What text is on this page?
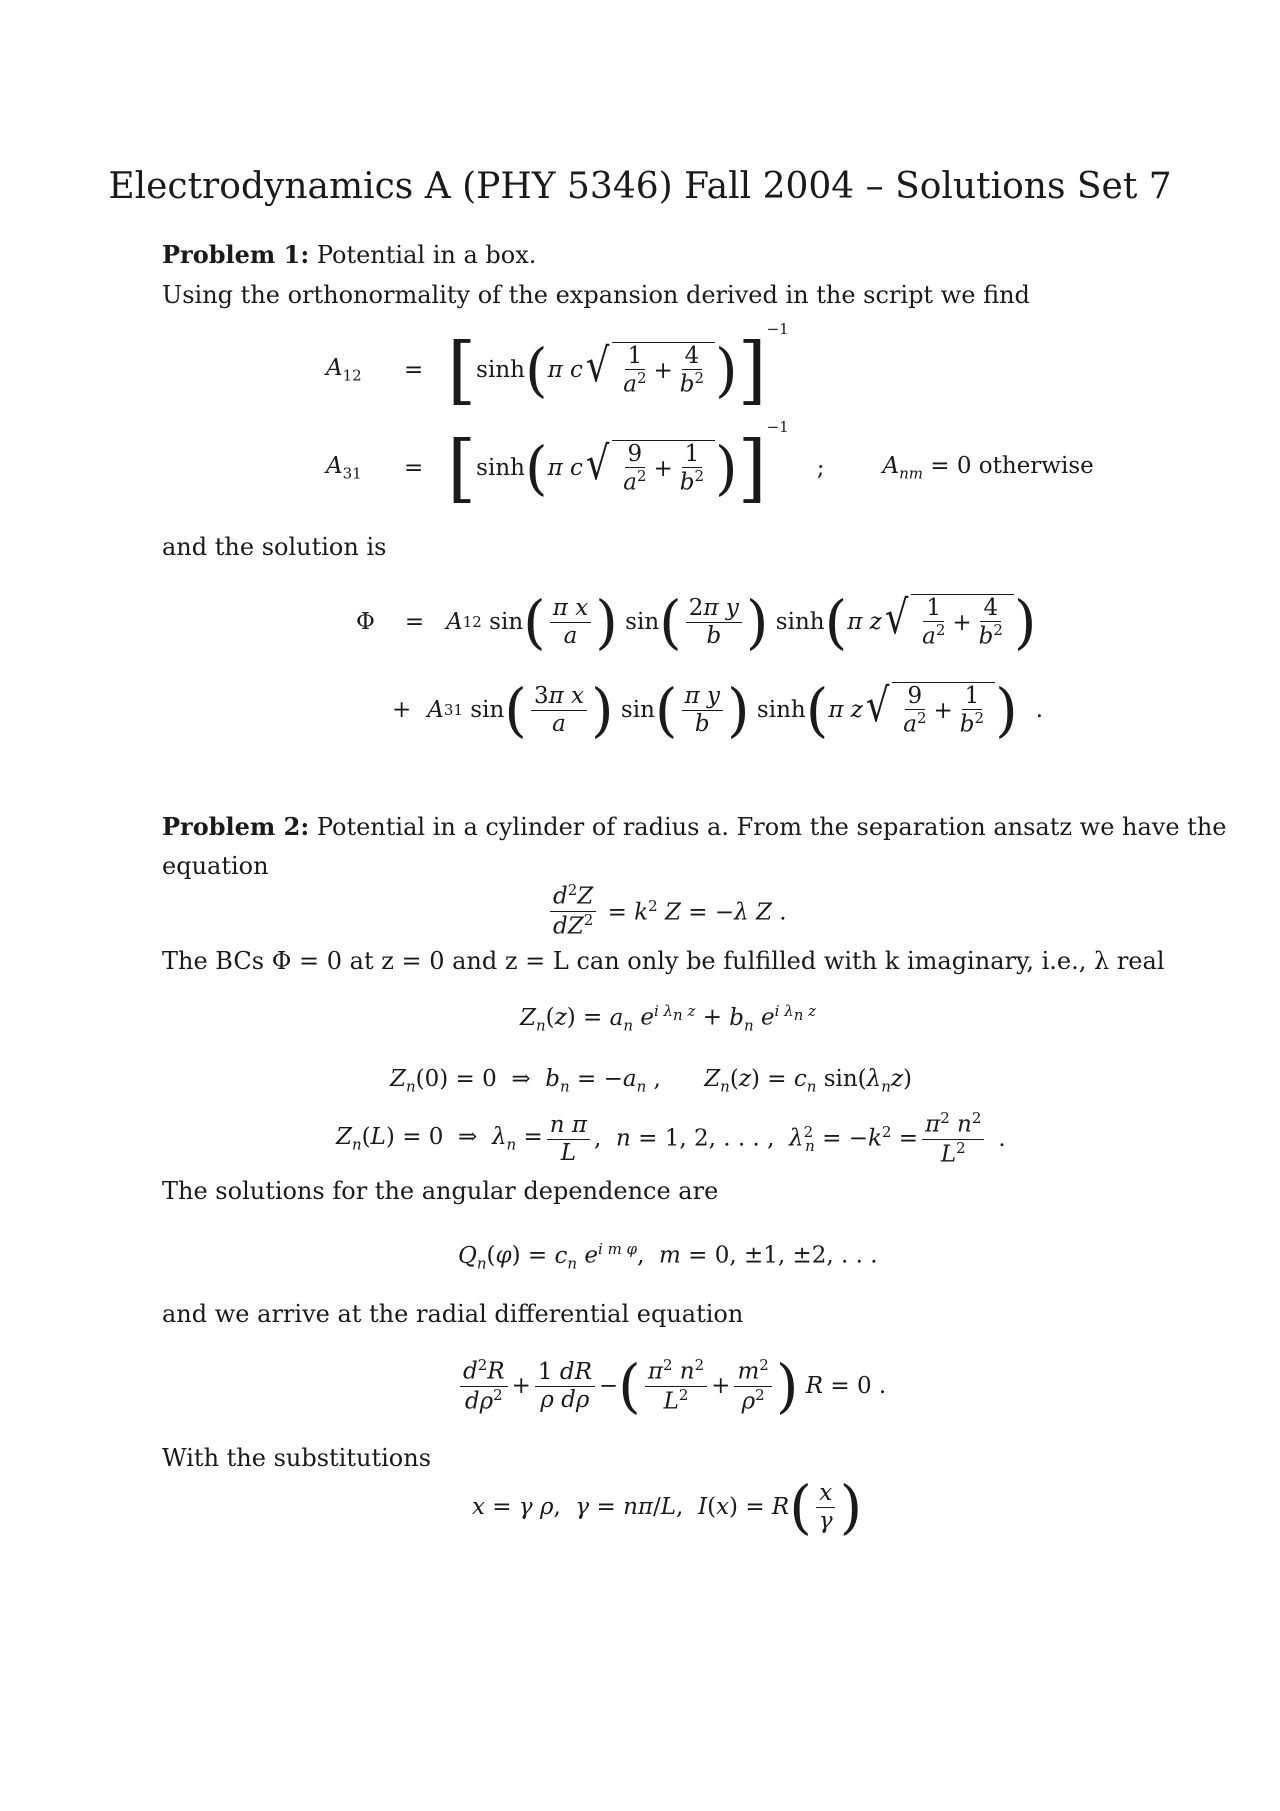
Electrodynamics A (PHY 5346) Fall 2004 – Solutions Set 7
Problem 1: Potential in a box.
Using the orthonormality of the expansion derived in the script we find
$A_{12}$	= [ sinh ( π c √ $\frac{1}{a^2} + \frac{4}{b^2}$ ) ]$^{-1}$
$A_{31}$	= [ sinh ( π c √ $\frac{9}{a^2} + \frac{1}{b^2}$ ) ]$^{-1}$
;	$A_{nm} = 0$ otherwise
and the solution is
Φ = A 12 sin ( $\frac{\text{π x}}{a}$ ) sin ( $\frac{\text{2π y}}{b}$ ) sinh ( π z √ $\frac{1}{a^2} + \frac{4}{b^2}$ )
+ A 31 sin ( $\frac{\text{3π x}}{a}$ ) sin ( $\frac{\text{π y}}{b}$ ) sinh ( π z √ $\frac{9}{a^2} + \frac{1}{b^2}$ ) .
Problem 2: Potential in a cylinder of radius a. From the separation ansatz we have the
equation
$\frac{d^2Z}{dZ^2} = k^2$ Z = −λ Z .
The BCs Φ = 0 at z = 0 and z = L can only be fulfilled with k imaginary, i.e., λ real
$Z_n(z) = a_n$ $e^{i \lambda_n z} + b_n$ $e^{i \lambda_n z}$
$Z_n(0) = 0$  ⇒  $b_n = -a_n$ , $Z_n(z) = c_n$ $\sin(\lambda_nz)$
$Z_n(L) = 0$  ⇒  $\lambda_n = \frac{\text{n π}}{L}$ ,  n = 1, 2, . . . ,  $\lambda^2_n = -k^2 = \frac{\pi^2 n^2}{L^2}$ .
The solutions for the angular dependence are
$Q_n(\varphi) = c_n$ $e^{i m \varphi}$,  m = 0, ±1, ±2, . . .
and we arrive at the radial differential equation
$\frac{d^2R}{d\rho^2} + \frac{1 dR}{\text{ρ dρ}}$ − ( $\frac{\pi^2 n^2}{L^2} + \frac{m^2}{\rho^2}$ ) R = 0 .
With the substitutions
x = γ ρ,  γ = nπ/L,  I(x) = R ( $\frac{x}{\gamma}$ )
